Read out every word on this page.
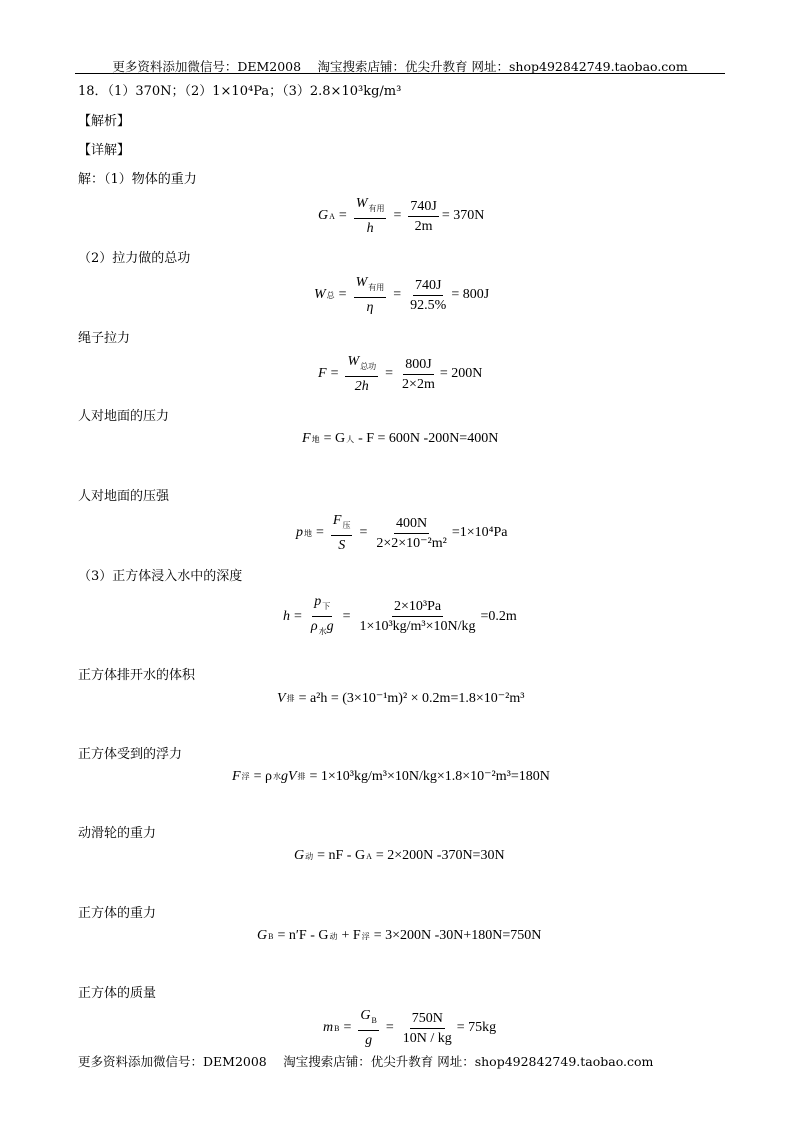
更多资料添加微信号：DEM2008　 淘宝搜索店铺：优尖升教育 网址：shop492842749.taobao.com
18．（1）370N；（2）1×10⁴Pa；（3）2.8×10³kg/m³
【解析】
【详解】
解：（1）物体的重力
G $A = \frac{W_{有用}}{h} = \frac{740J}{2m} = 370N$
（2）拉力做的总功
W 总 = $\frac{W_{有用}}{\eta} = \frac{740J}{92.5\%} = 800J$
绳子拉力
$F = \frac{W_{总功}}{2h} = \frac{800J}{2\times 2m} = 200N$
人对地面的压力
F 地 = G 人 - F = 600N -200N=400N
人对地面的压强
p 地 = $\frac{F_压}{S} = \frac{400N}{\text{2×2×10⁻²m²}} =1\times 10^4Pa$
（3）正方体浸入水中的深度
$h = \frac{p_下}{\rho_水g} = \frac{\text{2×10³Pa}}{\text{1×10³kg/m³×10N/kg}} =0.2m$
正方体排开水的体积
V 排 = a²h = (3×10⁻¹m)² × 0.2m=1.8×10⁻²m³
正方体受到的浮力
F 浮 = ρ 水 gV 排 = 1×10³kg/m³×10N/kg×1.8×10⁻²m³=180N
动滑轮的重力
G 动 = nF - G A = 2×200N -370N=30N
正方体的重力
G B = n′F - G 动 + F 浮 = 3×200N -30N+180N=750N
正方体的质量
m $B = \frac{G_B}{g} = \frac{750N}{10N / kg} = 75kg$
更多资料添加微信号：DEM2008　 淘宝搜索店铺：优尖升教育 网址：shop492842749.taobao.com
